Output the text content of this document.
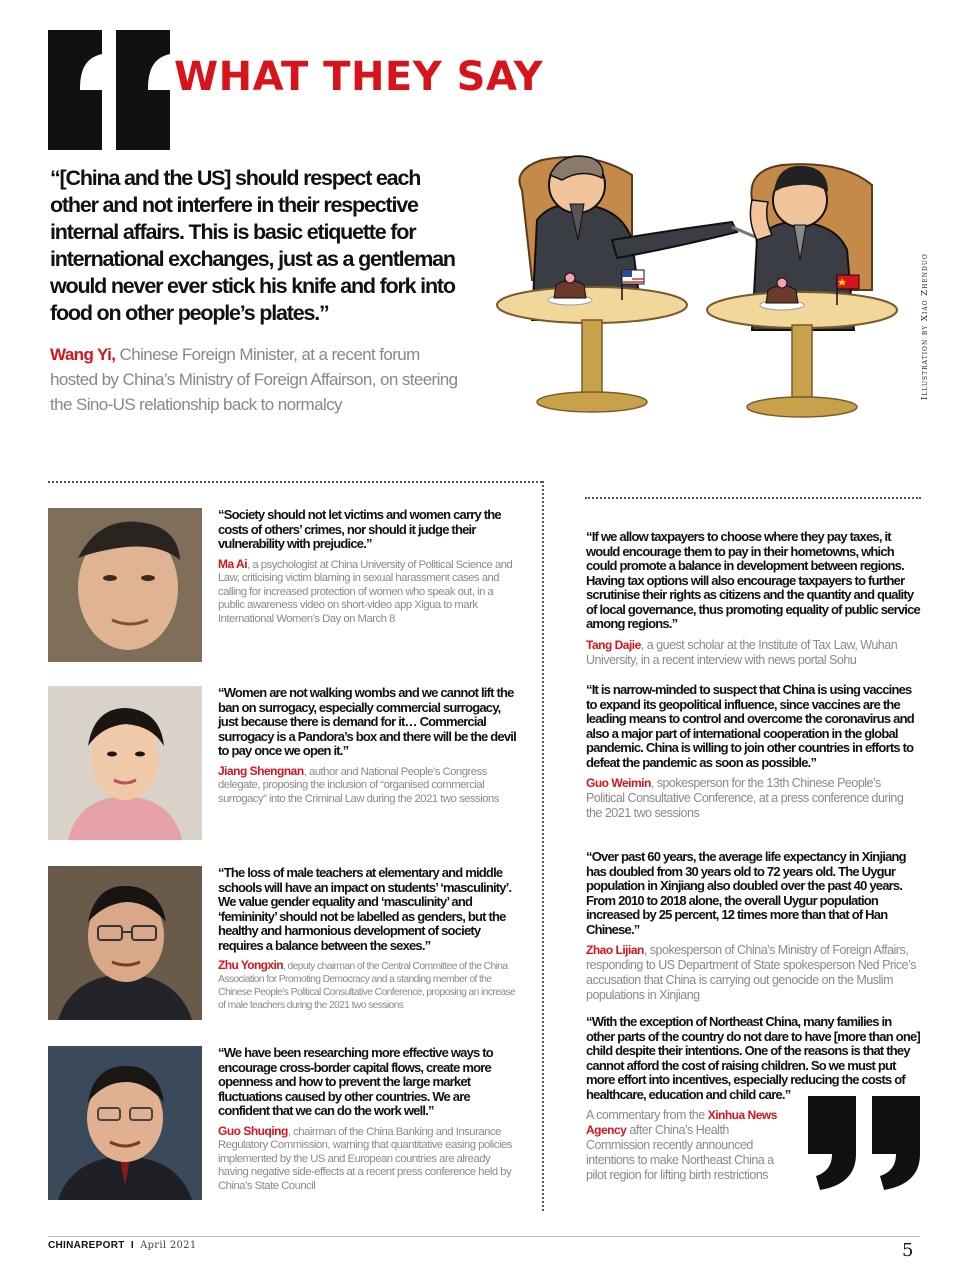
WHAT THEY SAY

“[China and the US] should respect each other and not interfere in their respective internal affairs. This is basic etiquette for international exchanges, just as a gentleman would never ever stick his knife and fork into food on other people’s plates.”

Wang Yi, Chinese Foreign Minister, at a recent forum hosted by China’s Ministry of Foreign Affairson, on steering the Sino-US relationship back to normalcy

Illustration by Xiao Zhenduo

“Society should not let victims and women carry the costs of others’ crimes, nor should it judge their vulnerability with prejudice.”

Ma Ai, a psychologist at China University of Political Science and Law, criticising victim blaming in sexual harassment cases and calling for increased protection of women who speak out, in a public awareness video on short-video app Xigua to mark International Women’s Day on March 8

“Women are not walking wombs and we cannot lift the ban on surrogacy, especially commercial surrogacy, just because there is demand for it… Commercial surrogacy is a Pandora’s box and there will be the devil to pay once we open it.”

Jiang Shengnan, author and National People’s Congress delegate, proposing the inclusion of “organised commercial surrogacy” into the Criminal Law during the 2021 two sessions

“The loss of male teachers at elementary and middle schools will have an impact on students’ ‘masculinity’. We value gender equality and ‘masculinity’ and ‘femininity’ should not be labelled as genders, but the healthy and harmonious development of society requires a balance between the sexes.”

Zhu Yongxin, deputy chairman of the Central Committee of the China Association for Promoting Democracy and a standing member of the Chinese People’s Political Consultative Conference, proposing an increase of male teachers during the 2021 two sessions

“We have been researching more effective ways to encourage cross-border capital flows, create more openness and how to prevent the large market fluctuations caused by other countries. We are confident that we can do the work well.”

Guo Shuqing, chairman of the China Banking and Insurance Regulatory Commission, warning that quantitative easing policies implemented by the US and European countries are already having negative side-effects at a recent press conference held by China’s State Council

“If we allow taxpayers to choose where they pay taxes, it would encourage them to pay in their hometowns, which could promote a balance in development between regions. Having tax options will also encourage taxpayers to further scrutinise their rights as citizens and the quantity and quality of local governance, thus promoting equality of public service among regions.”

Tang Dajie, a guest scholar at the Institute of Tax Law, Wuhan University, in a recent interview with news portal Sohu

“It is narrow-minded to suspect that China is using vaccines to expand its geopolitical influence, since vaccines are the leading means to control and overcome the coronavirus and also a major part of international cooperation in the global pandemic. China is willing to join other countries in efforts to defeat the pandemic as soon as possible.”

Guo Weimin, spokesperson for the 13th Chinese People’s Political Consultative Conference, at a press conference during the 2021 two sessions

“Over past 60 years, the average life expectancy in Xinjiang has doubled from 30 years old to 72 years old. The Uygur population in Xinjiang also doubled over the past 40 years. From 2010 to 2018 alone, the overall Uygur population increased by 25 percent, 12 times more than that of Han Chinese.”

Zhao Lijian, spokesperson of China’s Ministry of Foreign Affairs, responding to US Department of State spokesperson Ned Price’s accusation that China is carrying out genocide on the Muslim populations in Xinjiang

“With the exception of Northeast China, many families in other parts of the country do not dare to have [more than one] child despite their intentions. One of the reasons is that they cannot afford the cost of raising children. So we must put more effort into incentives, especially reducing the costs of healthcare, education and child care.”

A commentary from the Xinhua News Agency after China’s Health Commission recently announced intentions to make Northeast China a pilot region for lifting birth restrictions

CHINAREPORT I April 2021	5
